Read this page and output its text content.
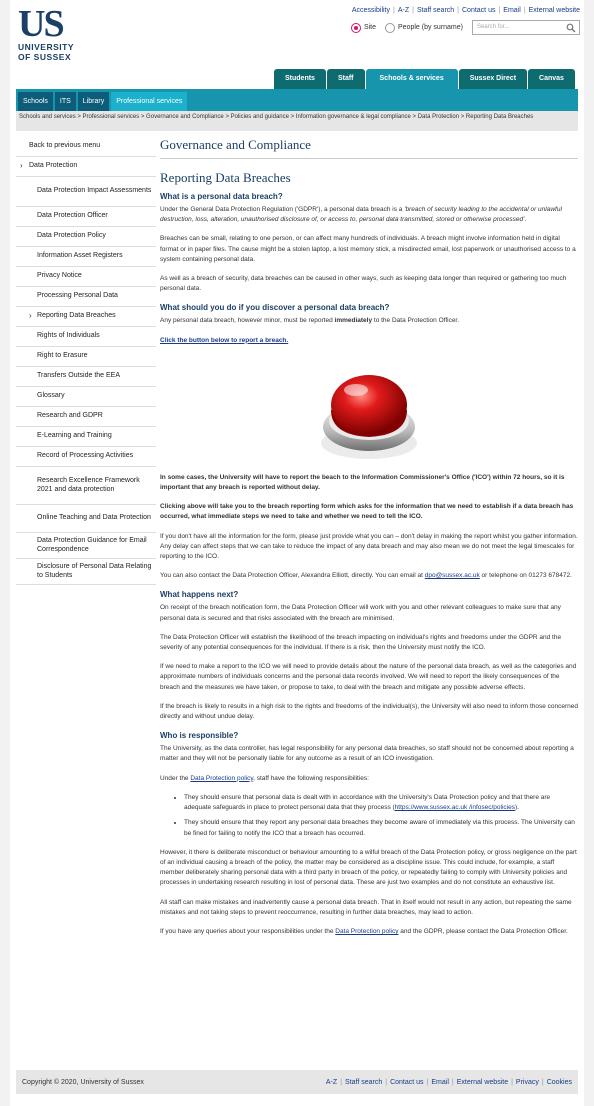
US
UNIVERSITY
OF SUSSEX
Accessibility | A-Z | Staff search | Contact us | Email | External website
Site	People (by surname)	Search for...
Students	Staff	Schools & services	Sussex Direct	Canvas
Schools	ITS	Library	Professional services
Schools and services > Professional services > Governance and Compliance > Policies and guidance > Information governance & legal compliance > Data Protection > Reporting Data Breaches
Back to previous menu
› Data Protection
Data Protection Impact Assessments
Data Protection Officer
Data Protection Policy
Information Asset Registers
Privacy Notice
Processing Personal Data
› Reporting Data Breaches
Rights of Individuals
Right to Erasure
Transfers Outside the EEA
Glossary
Research and GDPR
E-Learning and Training
Record of Processing Activities
Research Excellence Framework 2021 and data protection
Online Teaching and Data Protection
Data Protection Guidance for Email Correspondence
Disclosure of Personal Data Relating to Students
Governance and Compliance
Reporting Data Breaches
What is a personal data breach?

Under the General Data Protection Regulation ('GDPR'), a personal data breach is a 'breach of security leading to the accidental or unlawful destruction, loss, alteration, unauthorised disclosure of, or access to, personal data transmitted, stored or otherwise processed'.

Breaches can be small, relating to one person, or can affect many hundreds of individuals. A breach might involve information held in digital format or in paper files. The cause might be a stolen laptop, a lost memory stick, a misdirected email, lost paperwork or unauthorised access to a system containing personal data.

As well as a breach of security, data breaches can be caused in other ways, such as keeping data longer than required or gathering too much personal data.

What should you do if you discover a personal data breach?

Any personal data breach, however minor, must be reported immediately to the Data Protection Officer.

Click the button below to report a breach.

In some cases, the University will have to report the beach to the Information Commissioner's Office ('ICO') within 72 hours, so it is important that any breach is reported without delay.

Clicking above will take you to the breach reporting form which asks for the information that we need to establish if a data breach has occurred, what immediate steps we need to take and whether we need to tell the ICO.

If you don't have all the information for the form, please just provide what you can – don't delay in making the report whilst you gather information. Any delay can affect steps that we can take to reduce the impact of any data breach and may also mean we do not meet the legal timescales for reporting to the ICO.

You can also contact the Data Protection Officer, Alexandra Elliott, directly. You can email at dpo@sussex.ac.uk or telephone on 01273 678472.

What happens next?

On receipt of the breach notification form, the Data Protection Officer will work with you and other relevant colleagues to make sure that any personal data is secured and that risks associated with the breach are minimised.

The Data Protection Officer will establish the likelihood of the breach impacting on individual's rights and freedoms under the GDPR and the severity of any potential consequences for the individual. If there is a risk, then the University must notify the ICO.

If we need to make a report to the ICO we will need to provide details about the nature of the personal data breach, as well as the categories and approximate numbers of individuals concerns and the personal data records involved. We will need to report the likely consequences of the breach and the measures we have taken, or propose to take, to deal with the breach and mitigate any possible adverse effects.

If the breach is likely to results in a high risk to the rights and freedoms of the individual(s), the University will also need to inform those concerned directly and without undue delay.

Who is responsible?

The University, as the data controller, has legal responsibility for any personal data breaches, so staff should not be concerned about reporting a matter and they will not be personally liable for any outcome as a result of an ICO investigation.

Under the Data Protection policy, staff have the following responsibilities:

• They should ensure that personal data is dealt with in accordance with the University's Data Protection policy and that there are adequate safeguards in place to protect personal data that they process (https://www.sussex.ac.uk /infosec/policies).
• They should ensure that they report any personal data breaches they become aware of immediately via this process. The University can be fined for failing to notify the ICO that a breach has occurred.

However, it there is deliberate misconduct or behaviour amounting to a wilful breach of the Data Protection policy, or gross negligence on the part of an individual causing a breach of the policy, the matter may be considered as a discipline issue. This could include, for example, a staff member deliberately sharing personal data with a third party in breach of the policy, or repeatedly failing to comply with University policies and processes in undertaking research resulting in lost of personal data. These are just two examples and do not constitute an exhaustive list.

All staff can make mistakes and inadvertently cause a personal data breach. That in itself would not result in any action, but repeating the same mistakes and not taking steps to prevent reoccurrence, resulting in further data breaches, may lead to action.

If you have any queries about your responsibilities under the Data Protection policy and the GDPR, please contact the Data Protection Officer.

Copyright © 2020, University of Sussex	A-Z | Staff search | Contact us | Email | External website | Privacy | Cookies
